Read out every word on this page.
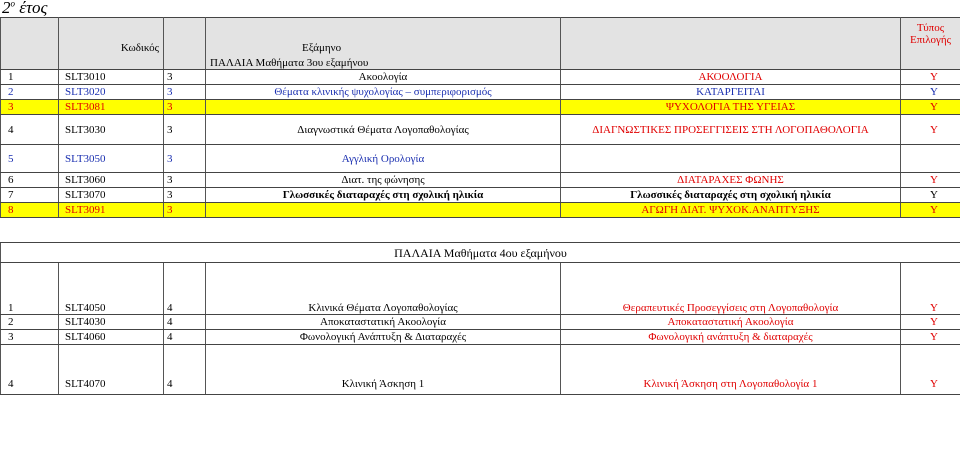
$2^o$ έτος
	Κωδικός		Εξάμηνο		Τύπος Επιλογής
			ΠΑΛΑΙΑ Μαθήματα 3ου εξαμήνου		
1	SLT3010	3	Ακοολογία	ΑΚΟΟΛΟΓΙΑ	Υ
2	SLT3020	3	Θέματα κλινικής ψυχολογίας – συμπεριφορισμός	ΚΑΤΑΡΓΕΙΤΑΙ	Υ
3	SLT3081	3		ΨΥΧΟΛΟΓΙΑ ΤΗΣ ΥΓΕΙΑΣ	Υ
4	SLT3030	3	Διαγνωστικά Θέματα Λογοπαθολογίας	ΔΙΑΓΝΩΣΤΙΚΕΣ ΠΡΟΣΕΓΓΙΣΕΙΣ ΣΤΗ ΛΟΓΟΠΑΘΟΛΟΓΙΑ	Υ
5	SLT3050	3	Αγγλική Ορολογία		
6	SLT3060	3	Διατ. της φώνησης	ΔΙΑΤΑΡΑΧΕΣ ΦΩΝΗΣ	Υ
7	SLT3070	3	Γλωσσικές διαταραχές στη σχολική ηλικία	Γλωσσικές διαταραχές στη σχολική ηλικία	Υ
8	SLT3091	3		ΑΓΩΓΗ ΔΙΑΤ. ΨΥΧΟΚ.ΑΝΑΠΤΥΞΗΣ	Υ

ΠΑΛΑΙΑ Μαθήματα 4ου εξαμήνου					
1	SLT4050	4	Κλινικά Θέματα Λογοπαθολογίας	Θεραπευτικές Προσεγγίσεις στη Λογοπαθολογία	Υ
2	SLT4030	4	Αποκαταστατική Ακοολογία	Αποκαταστατική Ακοολογία	Υ
3	SLT4060	4	Φωνολογική Ανάπτυξη & Διαταραχές	Φωνολογική ανάπτυξη & διαταραχές	Υ
4	SLT4070	4	Κλινική Άσκηση 1	Κλινική Άσκηση στη Λογοπαθολογία 1	Υ
